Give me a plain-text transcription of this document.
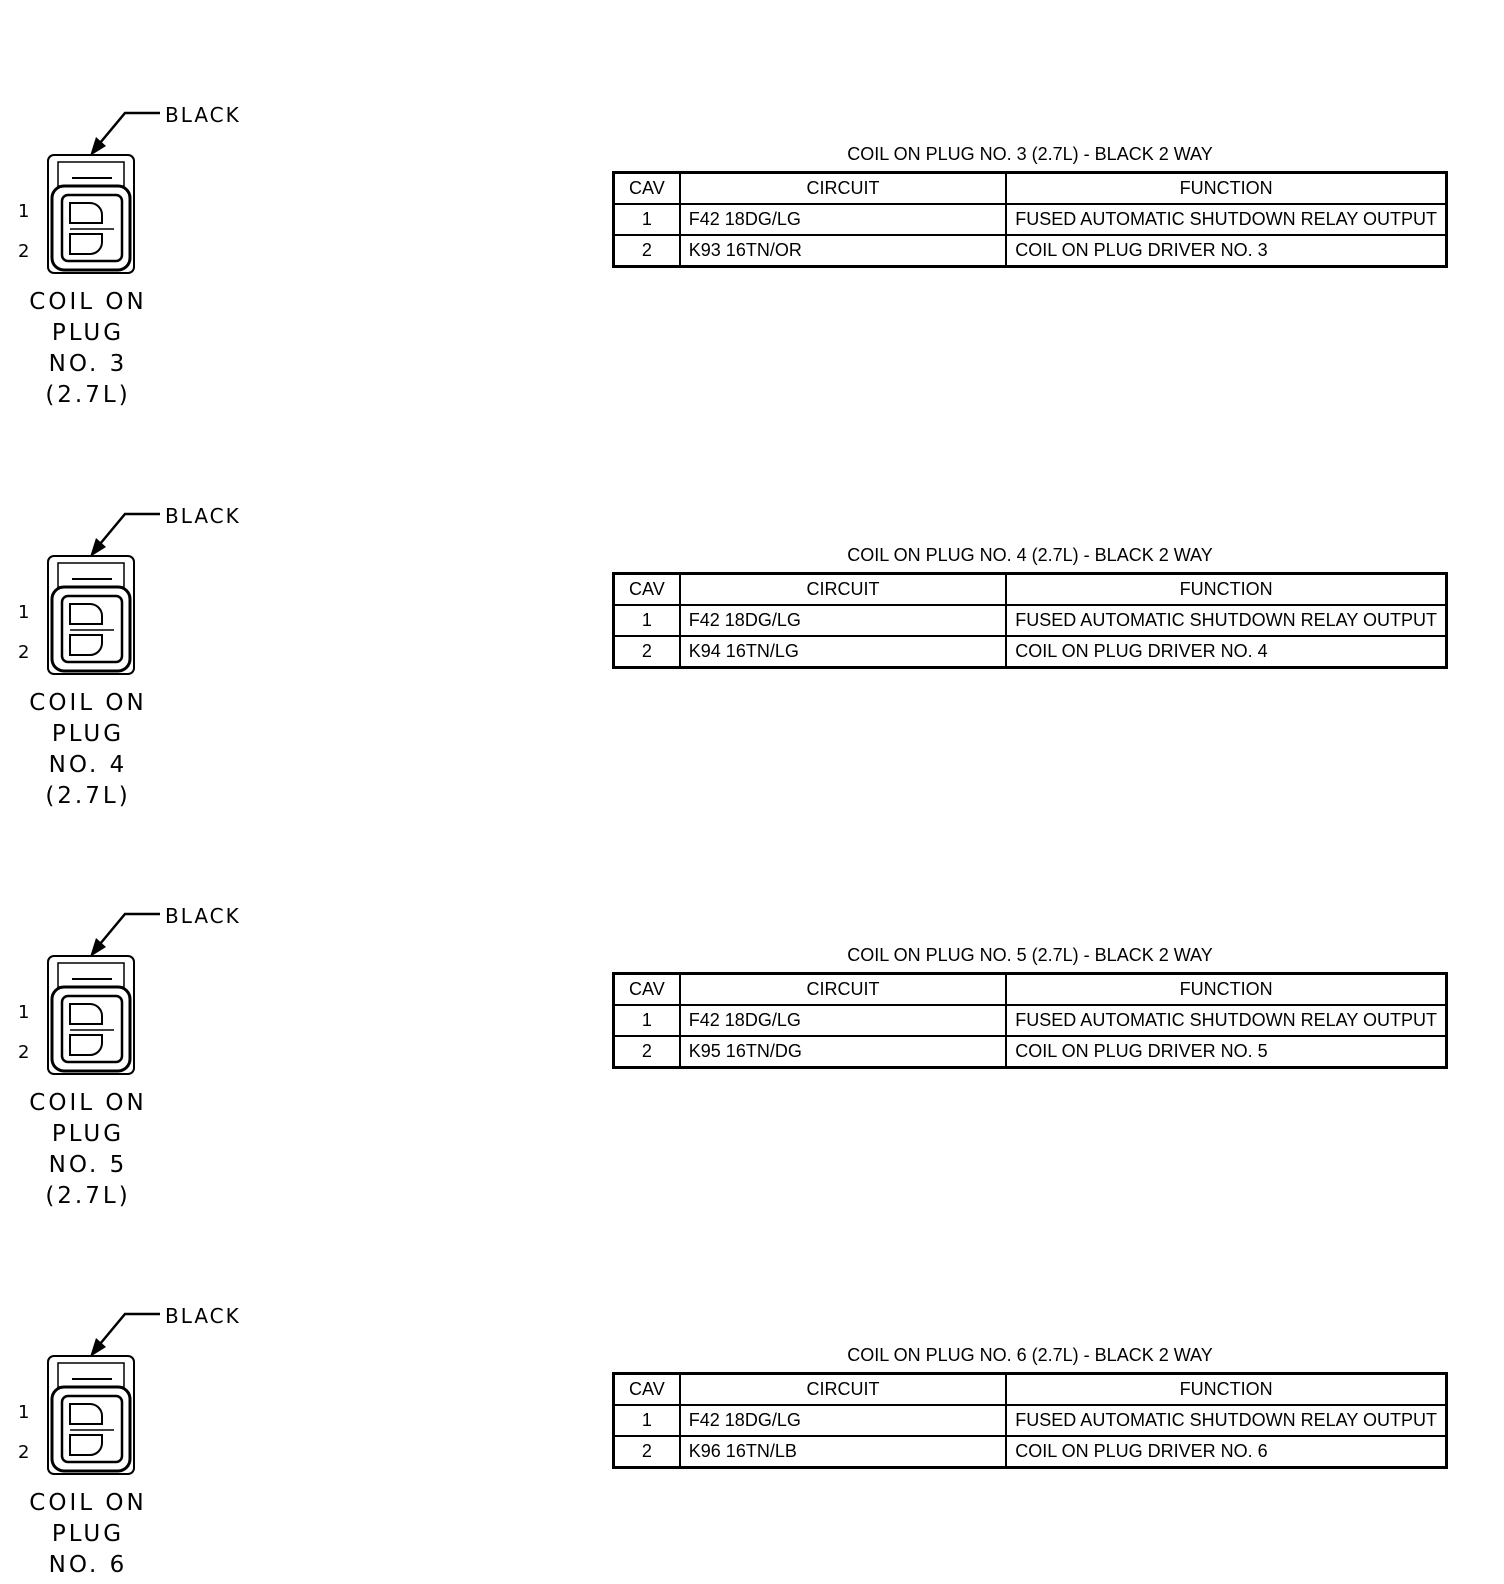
BLACK
1
2
COIL ON
PLUG
NO. 3
(2.7L)
COIL ON PLUG NO. 3 (2.7L) - BLACK 2 WAY
CAV	CIRCUIT	FUNCTION
1	F42 18DG/LG	FUSED AUTOMATIC SHUTDOWN RELAY OUTPUT
2	K93 16TN/OR	COIL ON PLUG DRIVER NO. 3
BLACK
1
2
COIL ON
PLUG
NO. 4
(2.7L)
COIL ON PLUG NO. 4 (2.7L) - BLACK 2 WAY
CAV	CIRCUIT	FUNCTION
1	F42 18DG/LG	FUSED AUTOMATIC SHUTDOWN RELAY OUTPUT
2	K94 16TN/LG	COIL ON PLUG DRIVER NO. 4
BLACK
1
2
COIL ON
PLUG
NO. 5
(2.7L)
COIL ON PLUG NO. 5 (2.7L) - BLACK 2 WAY
CAV	CIRCUIT	FUNCTION
1	F42 18DG/LG	FUSED AUTOMATIC SHUTDOWN RELAY OUTPUT
2	K95 16TN/DG	COIL ON PLUG DRIVER NO. 5
BLACK
1
2
COIL ON
PLUG
NO. 6
COIL ON PLUG NO. 6 (2.7L) - BLACK 2 WAY
CAV	CIRCUIT	FUNCTION
1	F42 18DG/LG	FUSED AUTOMATIC SHUTDOWN RELAY OUTPUT
2	K96 16TN/LB	COIL ON PLUG DRIVER NO. 6
